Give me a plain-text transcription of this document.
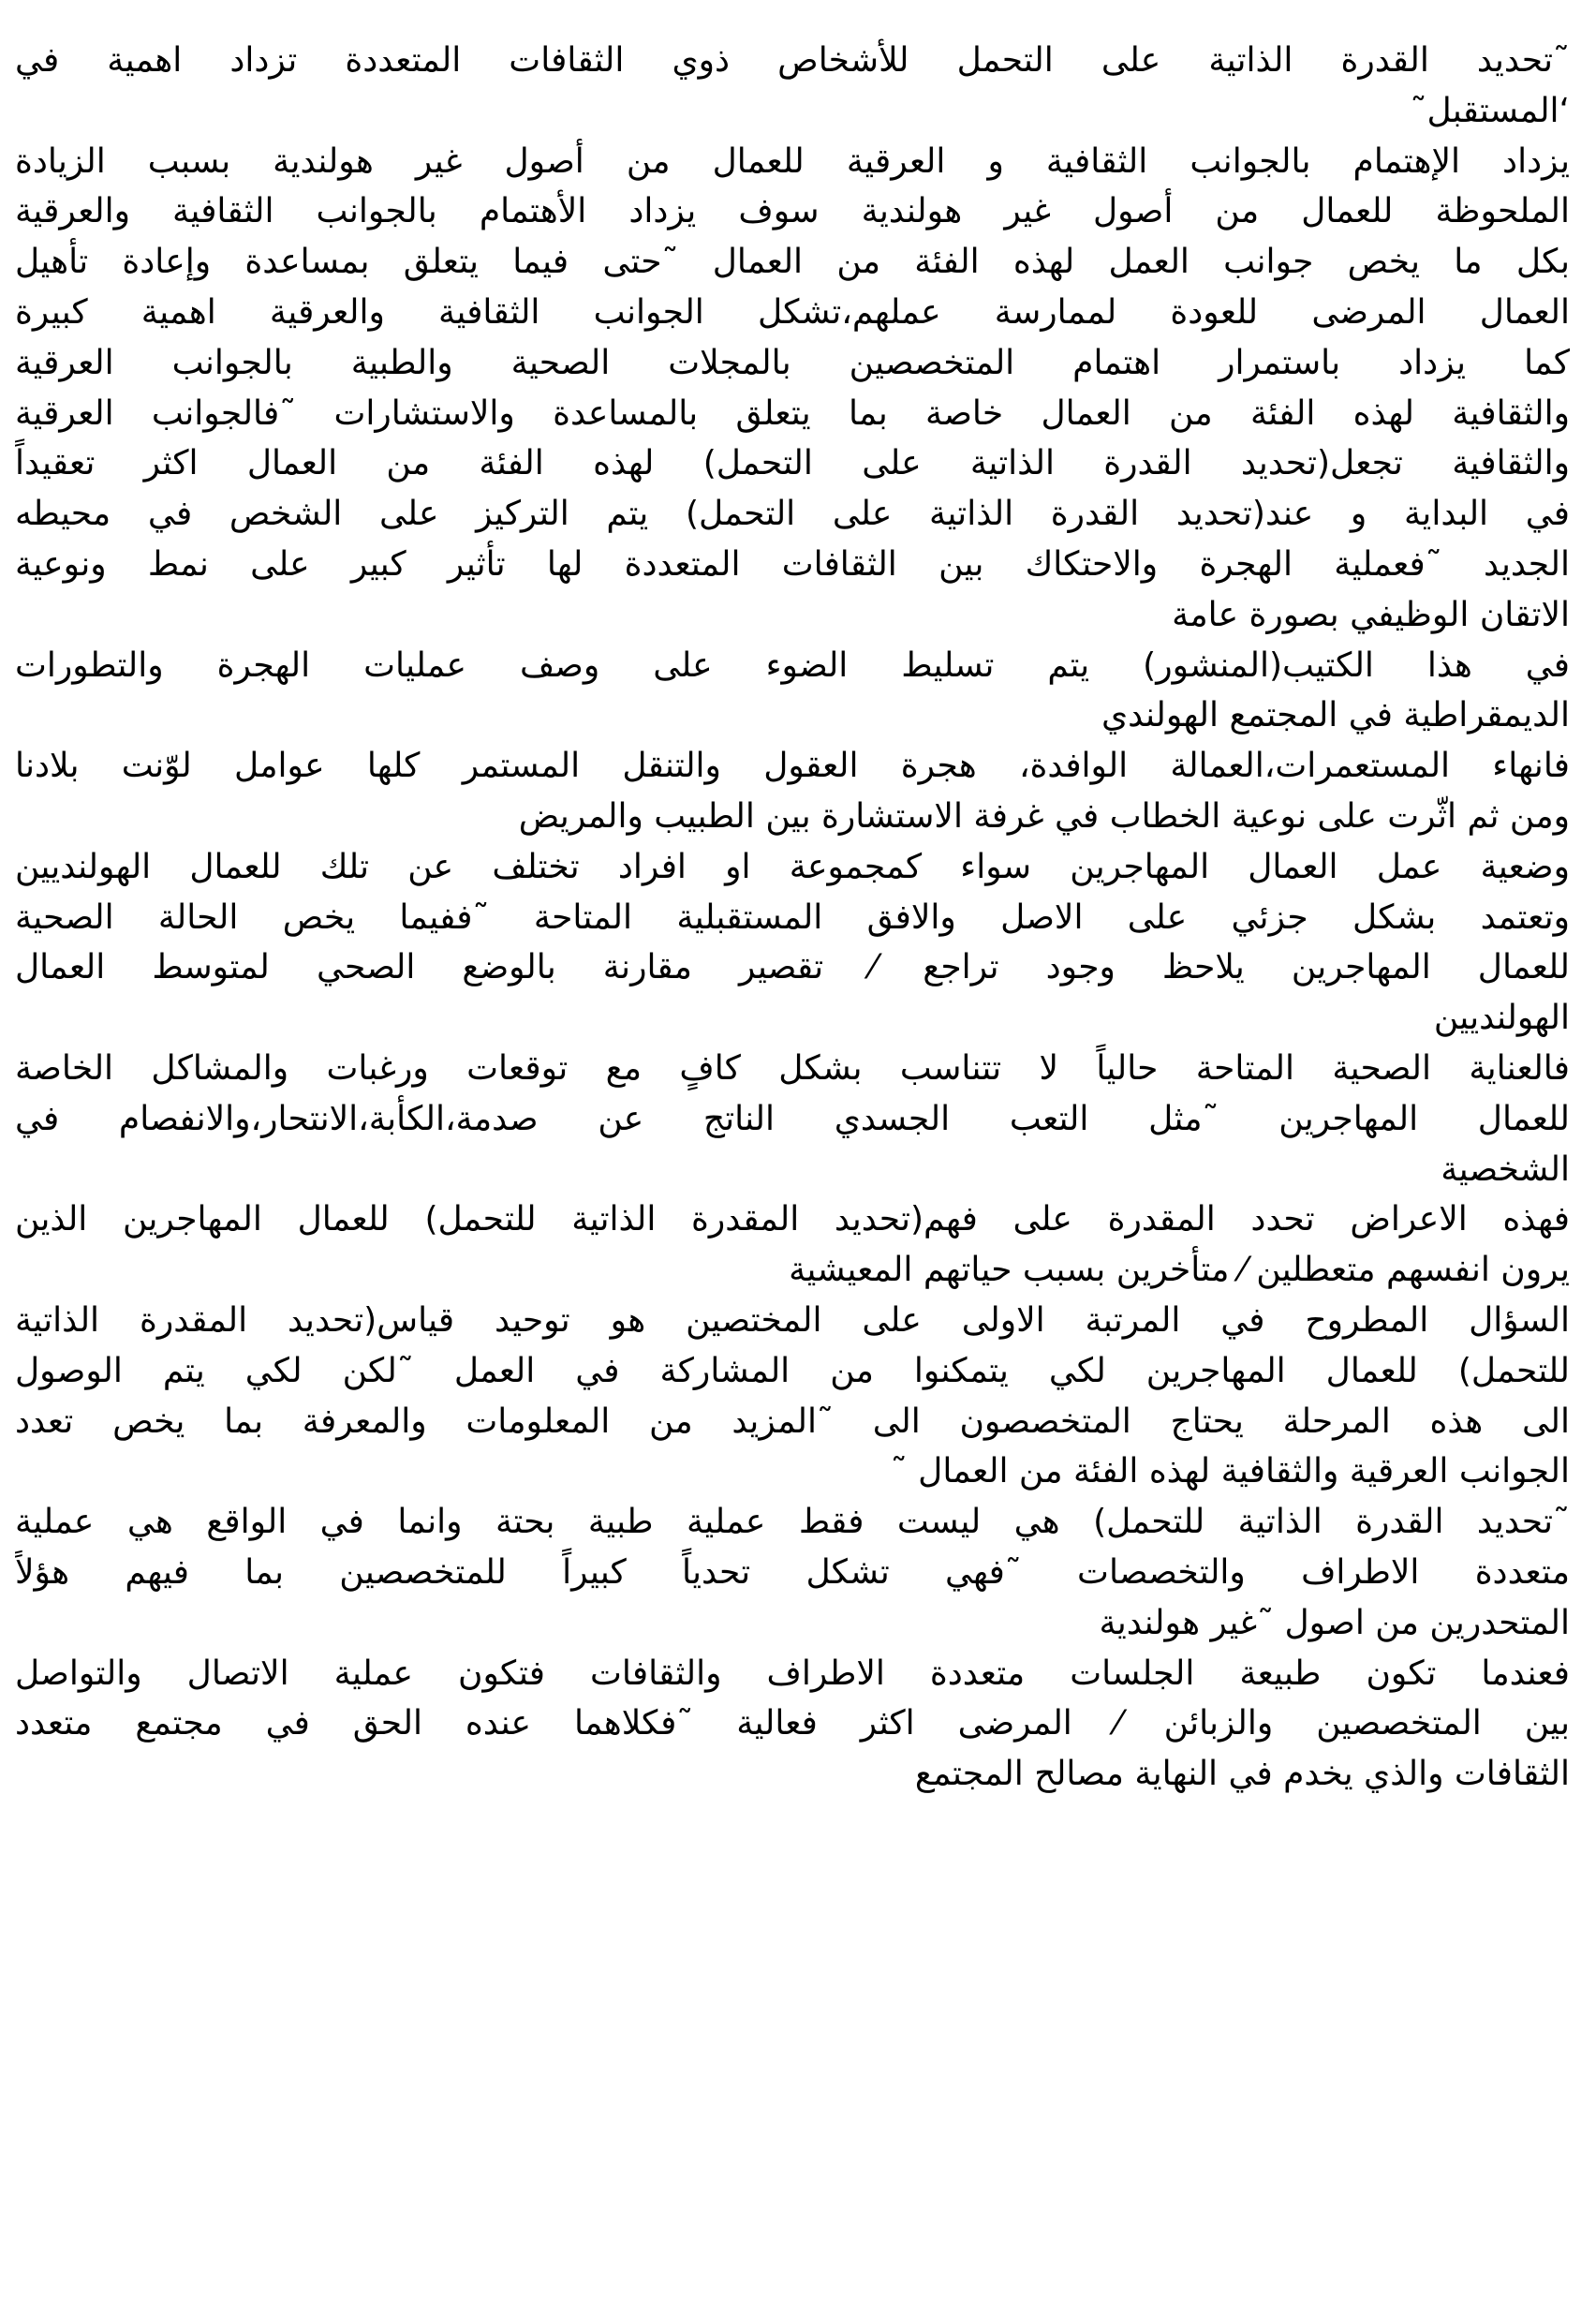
˜تحديد القدرة الذاتية على التحمل للأشخاص ذوي الثقافات المتعددة تزداد اهمية في
‘المستقبل˜
يزداد الإهتمام بالجوانب الثقافية و العرقية للعمال من أصول غير هولندية‌ بسبب الزيادة
الملحوظة للعمال من أصول غير هولندية سوف يزداد الأهتمام بالجوانب الثقافية والعرقية
بكل ما يخص جوانب العمل لهذه الفئة من العمال‌ ˜حتى فيما يتعلق بمساعدة وإعادة تأهيل
العمال المرضى للعودة لممارسة عملهم،تشكل الجوانب الثقافية والعرقية اهمية كبيرة‌
كما يزداد باستمرار اهتمام المتخصصين بالمجلات الصحية والطبية بالجوانب العرقية
والثقافية لهذه الفئة من العمال خاصة بما يتعلق بالمساعدة والاستشارات‌ ˜فالجوانب العرقية
والثقافية تجعل(تحديد القدرة الذاتية على التحمل) لهذه الفئة من العمال اكثر تعقيداً‌
في البداية و عند(تحديد القدرة الذاتية على التحمل) يتم التركيز على الشخص في محيطه
الجديد‌ ˜فعملية الهجرة والاحتكاك بين الثقافات المتعددة لها تأثير كبير على نمط ونوعية
الاتقان الوظيفي بصورة عامة‌
في هذا الكتيب(المنشور) يتم تسليط الضوء على وصف عمليات الهجرة والتطورات
الديمقراطية في المجتمع الهولندي‌
فانهاء المستعمرات،العمالة الوافدة، هجرة العقول والتنقل المستمر كلها عوامل لوّنت بلادنا
ومن ثم اثّرت على نوعية الخطاب في غرفة الاستشارة بين الطبيب والمريض‌
وضعية عمل العمال المهاجرين سواء كمجموعة او افراد تختلف عن تلك للعمال الهولنديين
وتعتمد بشكل جزئي على الاصل والافق المستقبلية المتاحة‌ ˜ففيما يخص الحالة الصحية
للعمال المهاجرين يلاحظ وجود تراجع ⁄ تقصير مقارنة بالوضع الصحي لمتوسط العمال
الهولنديين‌
فالعناية الصحية المتاحة حالياً لا تتناسب بشكل كافٍ مع توقعات ورغبات والمشاكل الخاصة
للعمال المهاجرين ˜مثل التعب الجسدي الناتج عن صدمة،الكأبة،الانتحار،والانفصام في
الشخصية‌
فهذه الاعراض تحدد المقدرة على فهم(تحديد المقدرة الذاتية للتحمل) للعمال المهاجرين الذين
يرون انفسهم متعطلين ⁄ متأخرين بسبب حياتهم المعيشية‌
السؤال المطروح في المرتبة الاولى على المختصين هو توحيد قياس(تحديد المقدرة الذاتية
للتحمل) للعمال المهاجرين لكي يتمكنوا من المشاركة في العمل‌ ˜لكن لكي يتم الوصول
الى هذه المرحلة يحتاج المتخصصون الى ˜المزيد من المعلومات والمعرفة بما يخص تعدد
الجوانب العرقية والثقافية لهذه الفئة من العمال‌ ˜
˜تحديد القدرة الذاتية للتحمل) هي ليست فقط عملية طبية بحتة وانما في الواقع هي عملية
متعددة الاطراف والتخصصات‌ ˜فهي تشكل تحدياً كبيراً للمتخصصين بما فيهم هؤلاً
المتحدرين من اصول ˜غير هولندية‌
فعندما تكون طبيعة الجلسات متعددة الاطراف والثقافات فتكون عملية الاتصال والتواصل
بين المتخصصين والزبائن ⁄ المرضى اكثر فعالية‌ ˜فكلاهما عنده الحق في مجتمع متعدد
الثقافات والذي يخدم في النهاية مصالح المجتمع‌
